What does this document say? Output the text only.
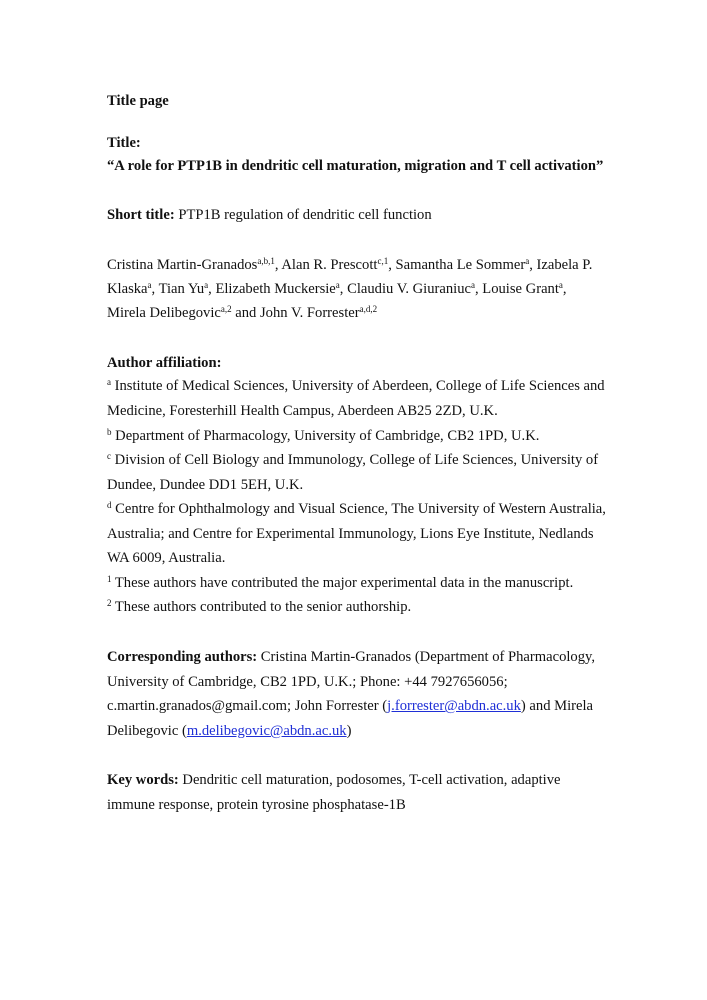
Title page
Title:
“A role for PTP1B in dendritic cell maturation, migration and T cell activation”
Short title: PTP1B regulation of dendritic cell function
Cristina Martin-Granados$^{a,b,1}$, Alan R. Prescott$^{c,1}$, Samantha Le Sommer$^a$, Izabela P.
Klaska$^a$, Tian Yu$^a$, Elizabeth Muckersie$^a$, Claudiu V. Giuraniuc$^a$, Louise Grant$^a$,
Mirela Delibegovic$^{a,2}$ and John V. Forrester$^{a,d,2}$
Author affiliation:
$^a$ Institute of Medical Sciences, University of Aberdeen, College of Life Sciences and
Medicine, Foresterhill Health Campus, Aberdeen AB25 2ZD, U.K.
$^b$ Department of Pharmacology, University of Cambridge, CB2 1PD, U.K.
$^c$ Division of Cell Biology and Immunology, College of Life Sciences, University of
Dundee, Dundee DD1 5EH, U.K.
$^d$ Centre for Ophthalmology and Visual Science, The University of Western Australia,
Australia; and Centre for Experimental Immunology, Lions Eye Institute, Nedlands
WA 6009, Australia.
$^1$ These authors have contributed the major experimental data in the manuscript.
$^2$ These authors contributed to the senior authorship.
Corresponding authors: Cristina Martin-Granados (Department of Pharmacology,
University of Cambridge, CB2 1PD, U.K.; Phone: +44 7927656056;
c.martin.granados@gmail.com; John Forrester (j.forrester@abdn.ac.uk) and Mirela
Delibegovic (m.delibegovic@abdn.ac.uk)
Key words: Dendritic cell maturation, podosomes, T-cell activation, adaptive
immune response, protein tyrosine phosphatase-1B
